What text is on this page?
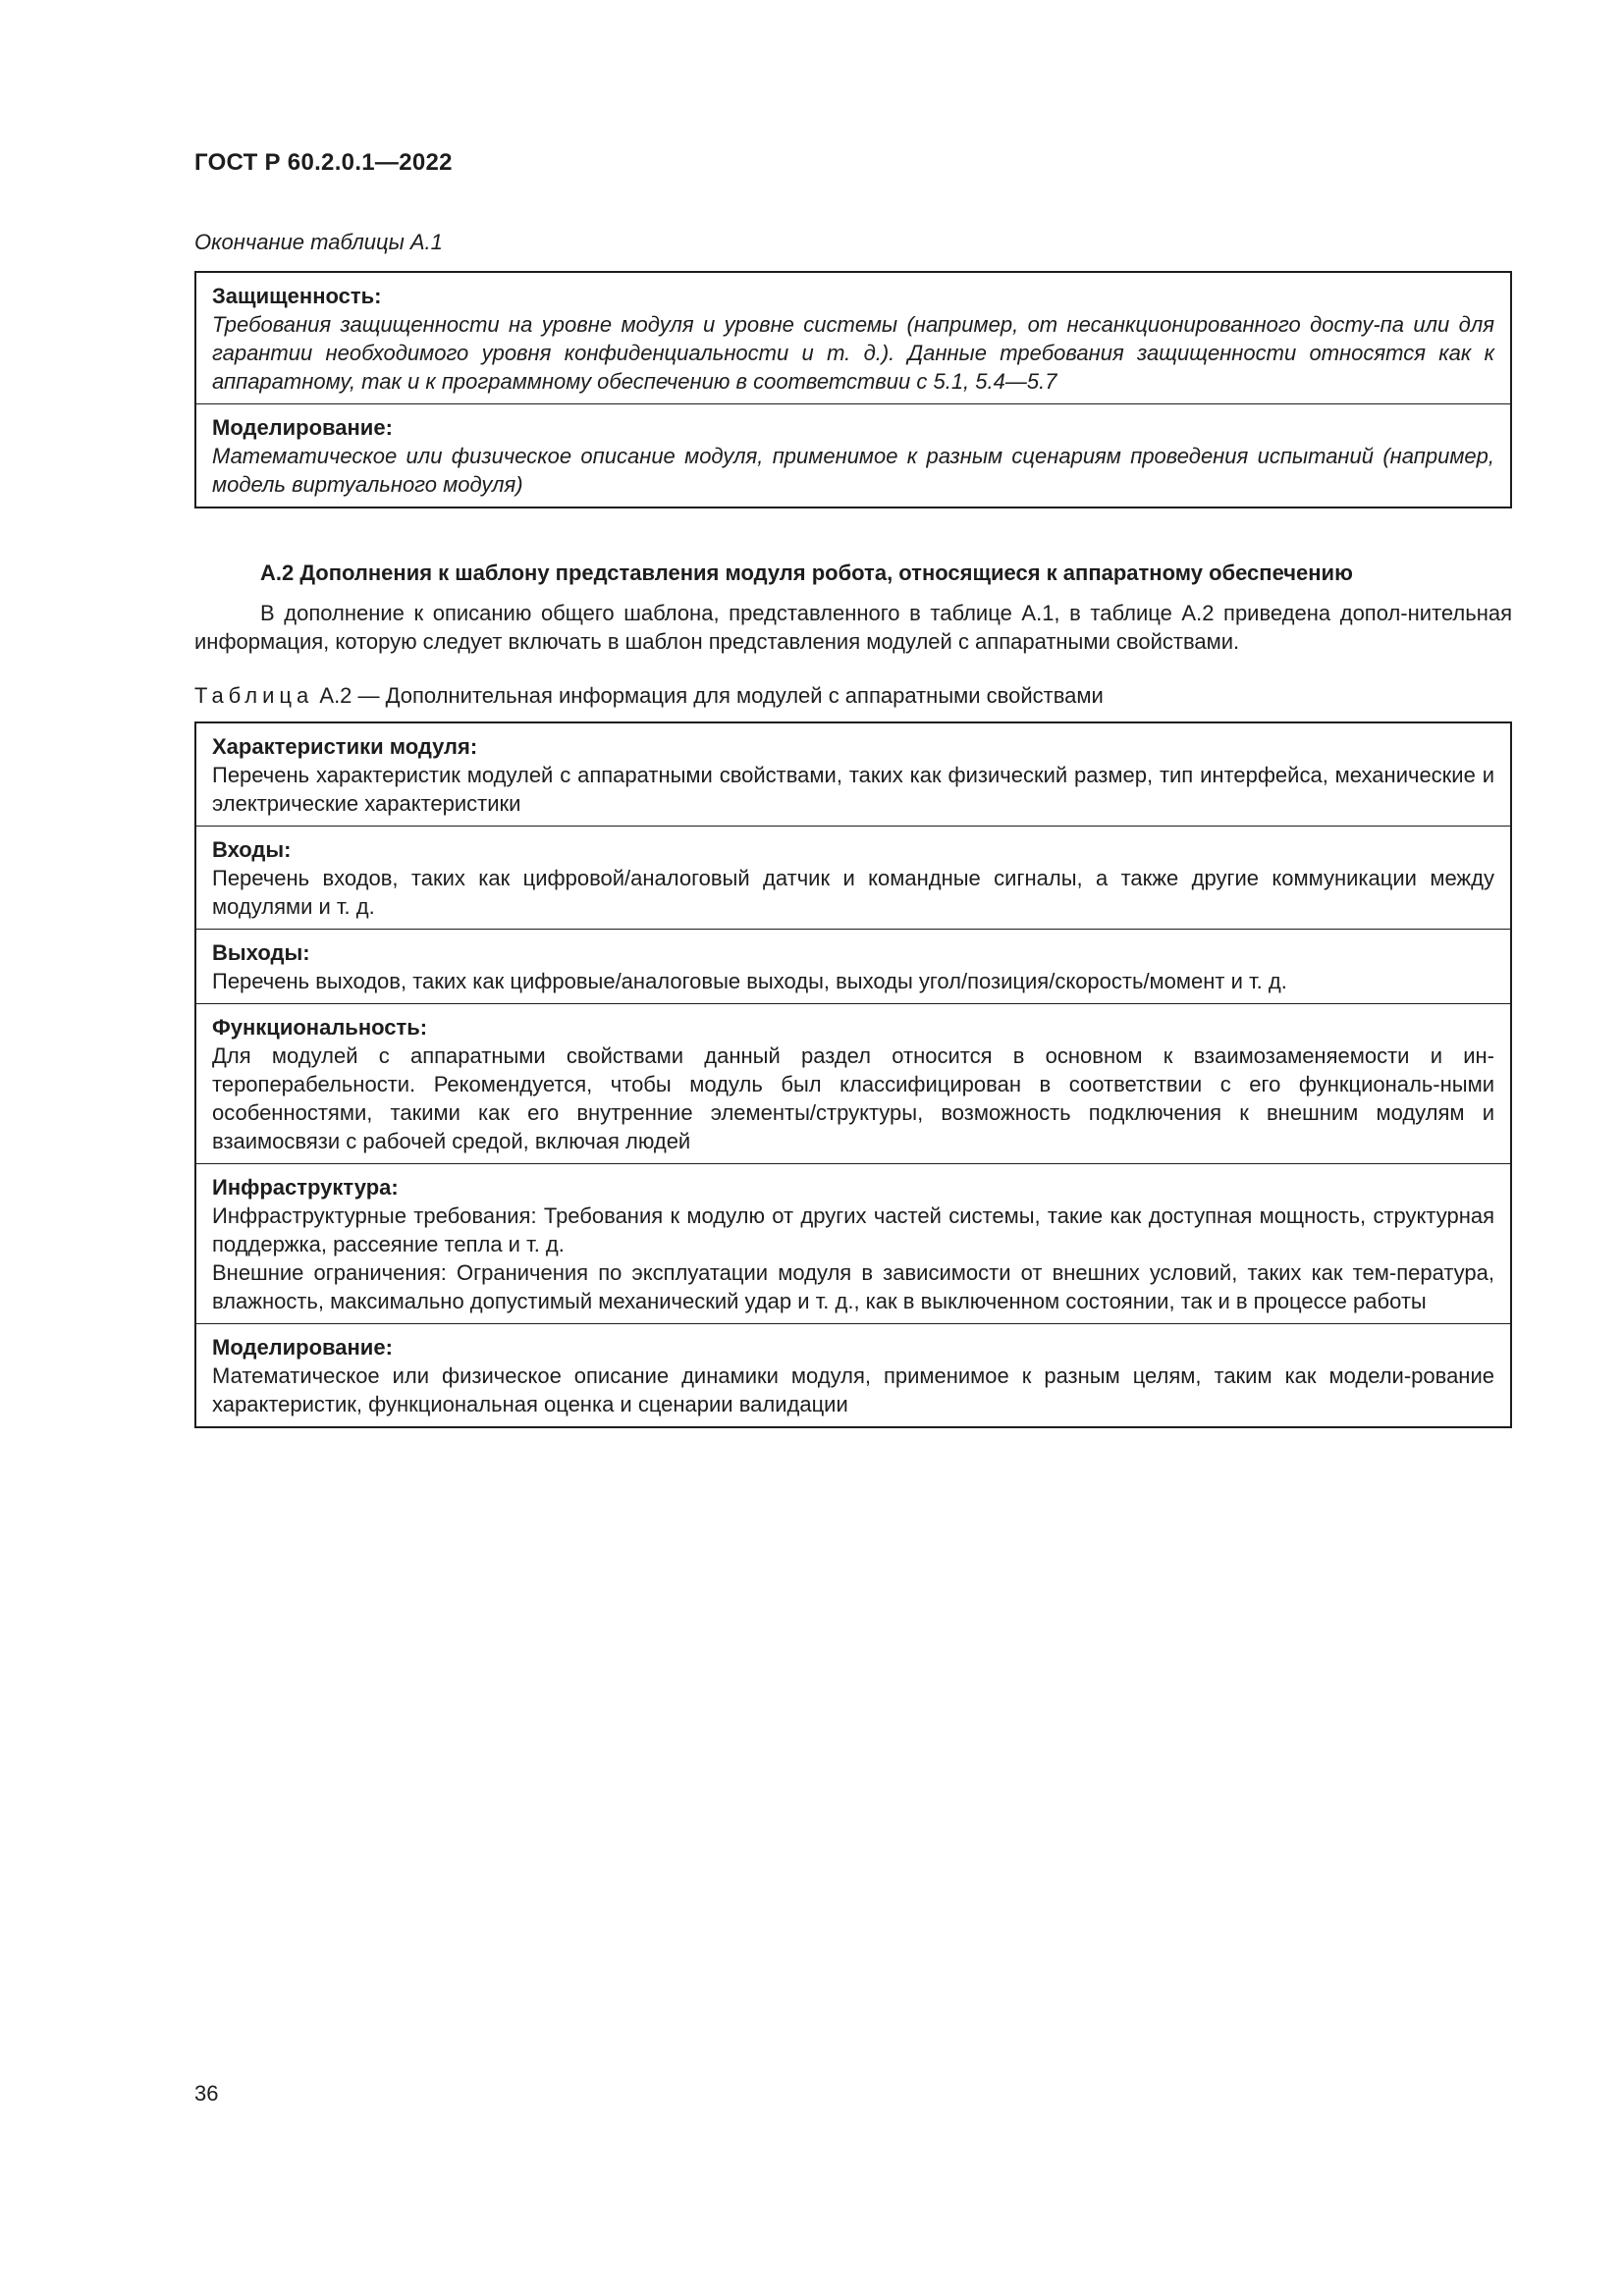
ГОСТ Р 60.2.0.1—2022
Окончание таблицы А.1
Защищенность:
Требования защищенности на уровне модуля и уровне системы (например, от несанкционированного досту-па или для гарантии необходимого уровня конфиденциальности и т. д.). Данные требования защищенности относятся как к аппаратному, так и к программному обеспечению в соответствии с 5.1, 5.4—5.7
Моделирование:
Математическое или физическое описание модуля, применимое к разным сценариям проведения испытаний (например, модель виртуального модуля)
А.2 Дополнения к шаблону представления модуля робота, относящиеся к аппаратному обеспечению
В дополнение к описанию общего шаблона, представленного в таблице А.1, в таблице А.2 приведена допол-нительная информация, которую следует включать в шаблон представления модулей с аппаратными свойствами.
Таблица А.2 — Дополнительная информация для модулей с аппаратными свойствами
Характеристики модуля:
Перечень характеристик модулей с аппаратными свойствами, таких как физический размер, тип интерфейса, механические и электрические характеристики
Входы:
Перечень входов, таких как цифровой/аналоговый датчик и командные сигналы, а также другие коммуникации между модулями и т. д.
Выходы:
Перечень выходов, таких как цифровые/аналоговые выходы, выходы угол/позиция/скорость/момент и т. д.
Функциональность:
Для модулей с аппаратными свойствами данный раздел относится в основном к взаимозаменяемости и ин-тероперабельности. Рекомендуется, чтобы модуль был классифицирован в соответствии с его функциональ-ными особенностями, такими как его внутренние элементы/структуры, возможность подключения к внешним модулям и взаимосвязи с рабочей средой, включая людей
Инфраструктура:
Инфраструктурные требования: Требования к модулю от других частей системы, такие как доступная мощность, структурная поддержка, рассеяние тепла и т. д.
Внешние ограничения: Ограничения по эксплуатации модуля в зависимости от внешних условий, таких как тем-пература, влажность, максимально допустимый механический удар и т. д., как в выключенном состоянии, так и в процессе работы
Моделирование:
Математическое или физическое описание динамики модуля, применимое к разным целям, таким как модели-рование характеристик, функциональная оценка и сценарии валидации
36
